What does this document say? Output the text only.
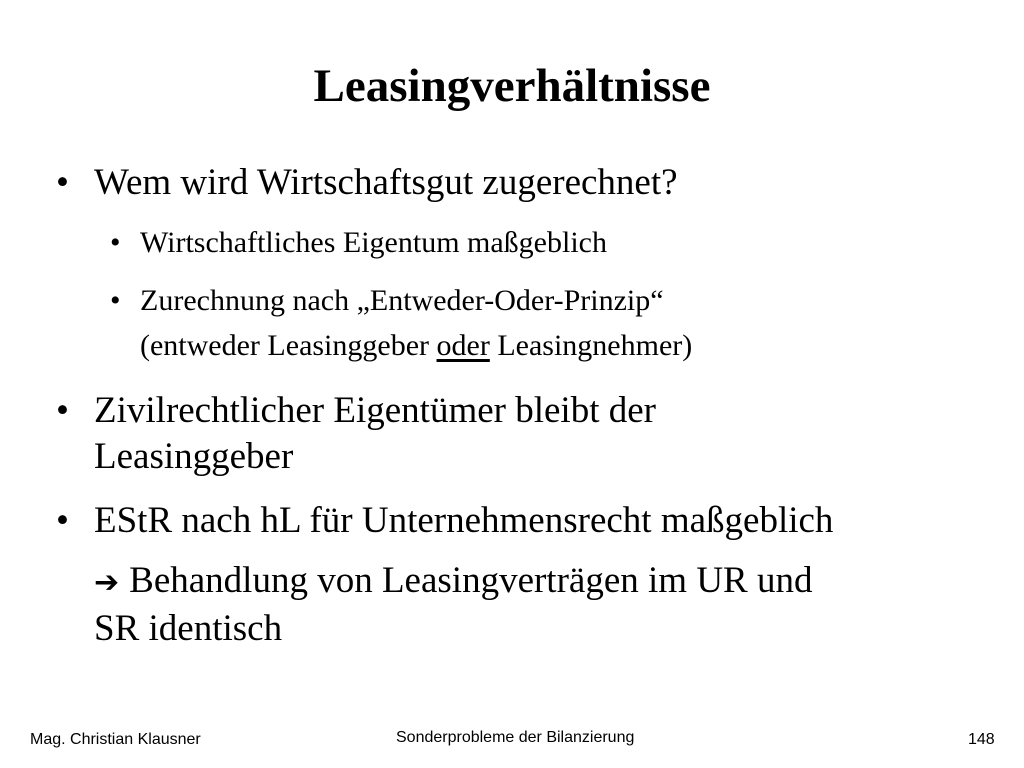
Leasingverhältnisse
• Wem wird Wirtschaftsgut zugerechnet?
• Wirtschaftliches Eigentum maßgeblich
• Zurechnung nach „Entweder-Oder-Prinzip“
(entweder Leasinggeber oder Leasingnehmer)
• Zivilrechtlicher Eigentümer bleibt der
Leasinggeber
• EStR nach hL für Unternehmensrecht maßgeblich
➔ Behandlung von Leasingverträgen im UR und
SR identisch
Mag. Christian Klausner	Sonderprobleme der Bilanzierung	148
